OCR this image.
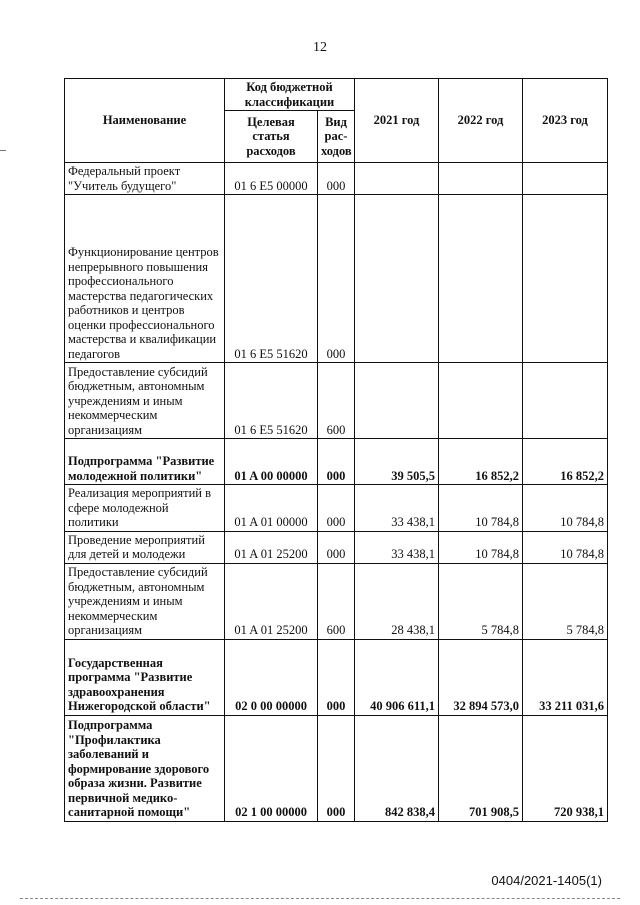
12
Наименование	Код бюджетной классификации		2021 год	2022 год	2023 год
	Целевая статья расходов	Вид рас-ходов			
Федеральный проект "Учитель будущего"	01 6 E5 00000	000			
Функционирование центров непрерывного повышения профессионального мастерства педагогических работников и центров оценки профессионального мастерства и квалификации педагогов	01 6 E5 51620	000			
Предоставление субсидий бюджетным, автономным учреждениям и иным некоммерческим организациям	01 6 E5 51620	600			
Подпрограмма "Развитие молодежной политики"	01 A 00 00000	000	39 505,5	16 852,2	16 852,2
Реализация мероприятий в сфере молодежной политики	01 A 01 00000	000	33 438,1	10 784,8	10 784,8
Проведение мероприятий для детей и молодежи	01 A 01 25200	000	33 438,1	10 784,8	10 784,8
Предоставление субсидий бюджетным, автономным учреждениям и иным некоммерческим организациям	01 A 01 25200	600	28 438,1	5 784,8	5 784,8
Государственная программа "Развитие здравоохранения Нижегородской области"	02 0 00 00000	000	40 906 611,1	32 894 573,0	33 211 031,6
Подпрограмма "Профилактика заболеваний и формирование здорового образа жизни. Развитие первичной медико-санитарной помощи"	02 1 00 00000	000	842 838,4	701 908,5	720 938,1
0404/2021-1405(1)
